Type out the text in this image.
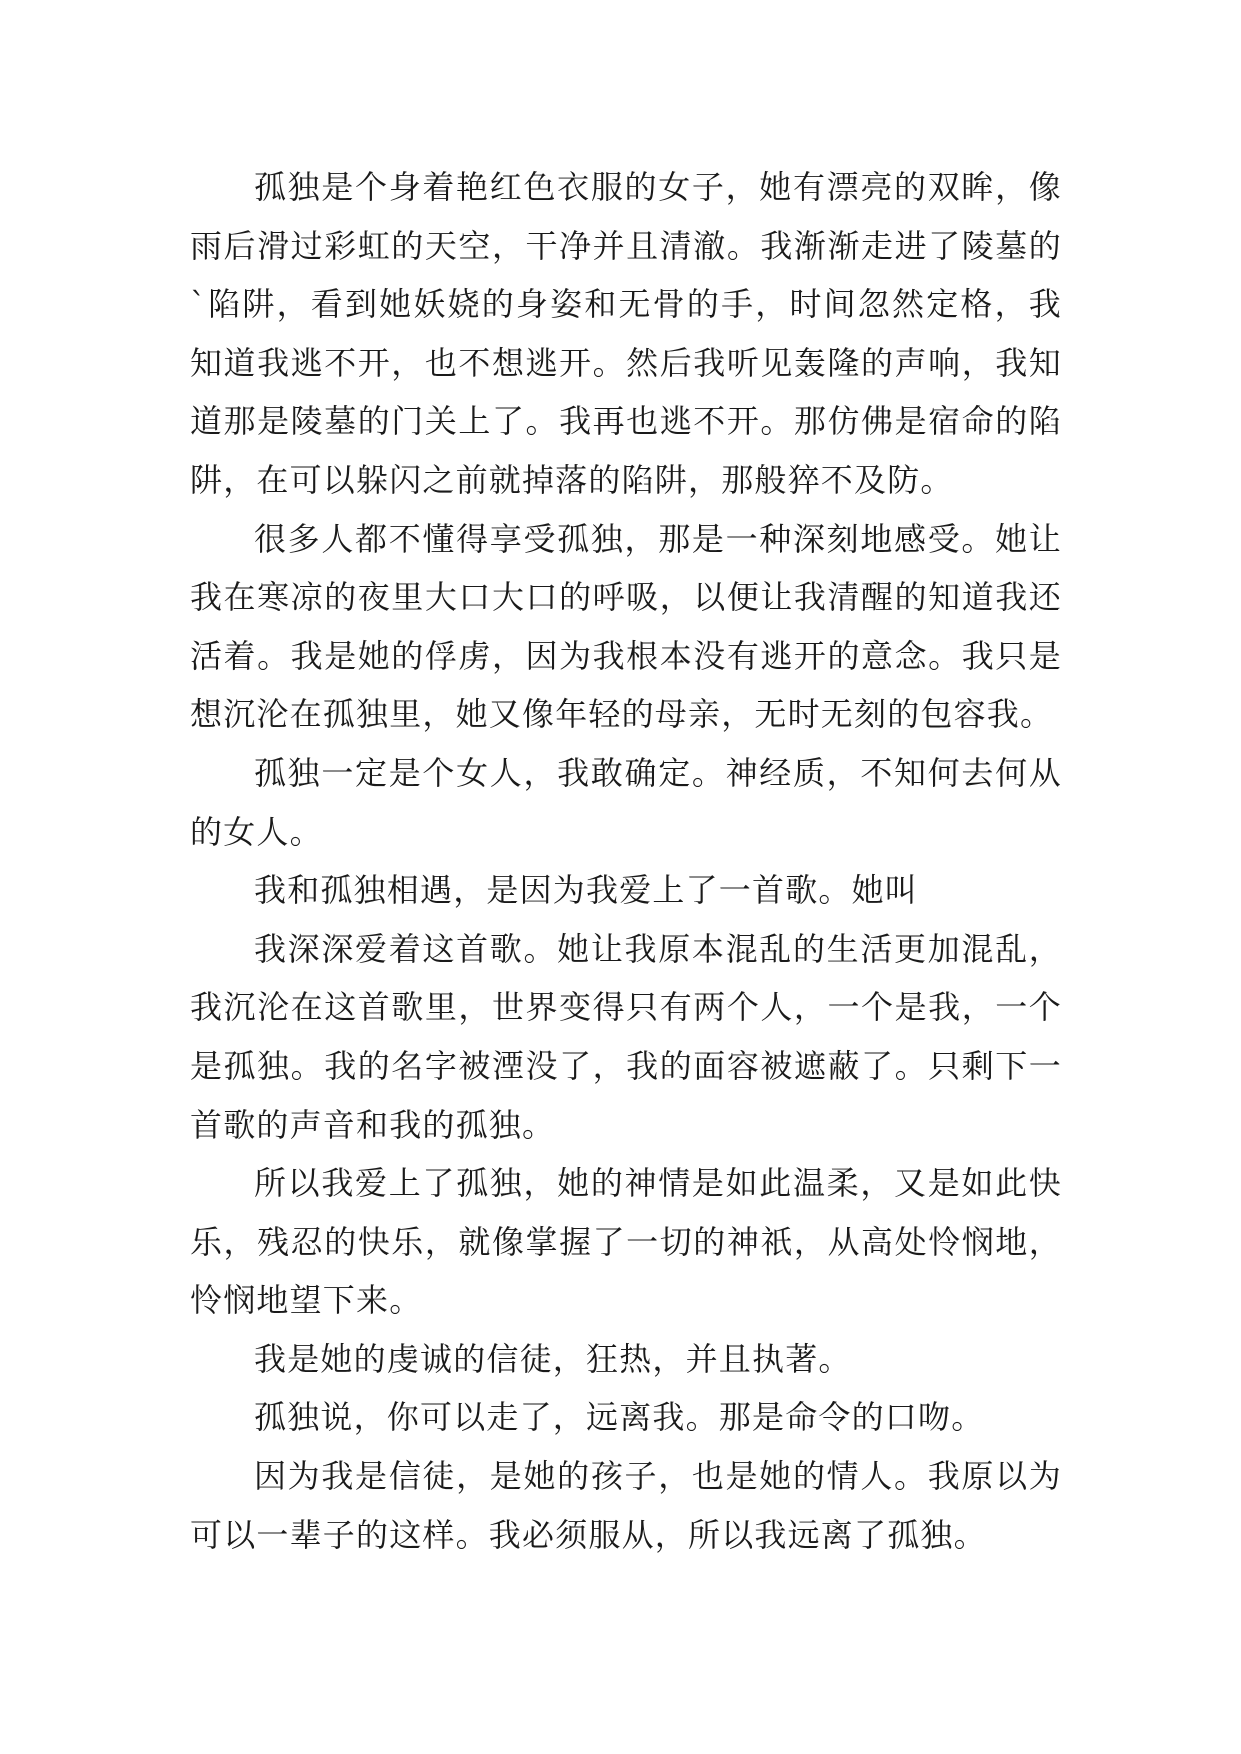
孤独是个身着艳红色衣服的女子，她有漂亮的双眸，像雨后滑过彩虹的天空，干净并且清澈。我渐渐走进了陵墓的`陷阱，看到她妖娆的身姿和无骨的手，时间忽然定格，我知道我逃不开，也不想逃开。然后我听见轰隆的声响，我知道那是陵墓的门关上了。我再也逃不开。那仿佛是宿命的陷阱，在可以躲闪之前就掉落的陷阱，那般猝不及防。

很多人都不懂得享受孤独，那是一种深刻地感受。她让我在寒凉的夜里大口大口的呼吸，以便让我清醒的知道我还活着。我是她的俘虏，因为我根本没有逃开的意念。我只是想沉沦在孤独里，她又像年轻的母亲，无时无刻的包容我。

孤独一定是个女人，我敢确定。神经质，不知何去何从的女人。

我和孤独相遇，是因为我爱上了一首歌。她叫

我深深爱着这首歌。她让我原本混乱的生活更加混乱，我沉沦在这首歌里，世界变得只有两个人，一个是我，一个是孤独。我的名字被湮没了，我的面容被遮蔽了。只剩下一首歌的声音和我的孤独。

所以我爱上了孤独，她的神情是如此温柔，又是如此快乐，残忍的快乐，就像掌握了一切的神祇，从高处怜悯地，怜悯地望下来。

我是她的虔诚的信徒，狂热，并且执著。

孤独说，你可以走了，远离我。那是命令的口吻。

因为我是信徒，是她的孩子，也是她的情人。我原以为可以一辈子的这样。我必须服从，所以我远离了孤独。
